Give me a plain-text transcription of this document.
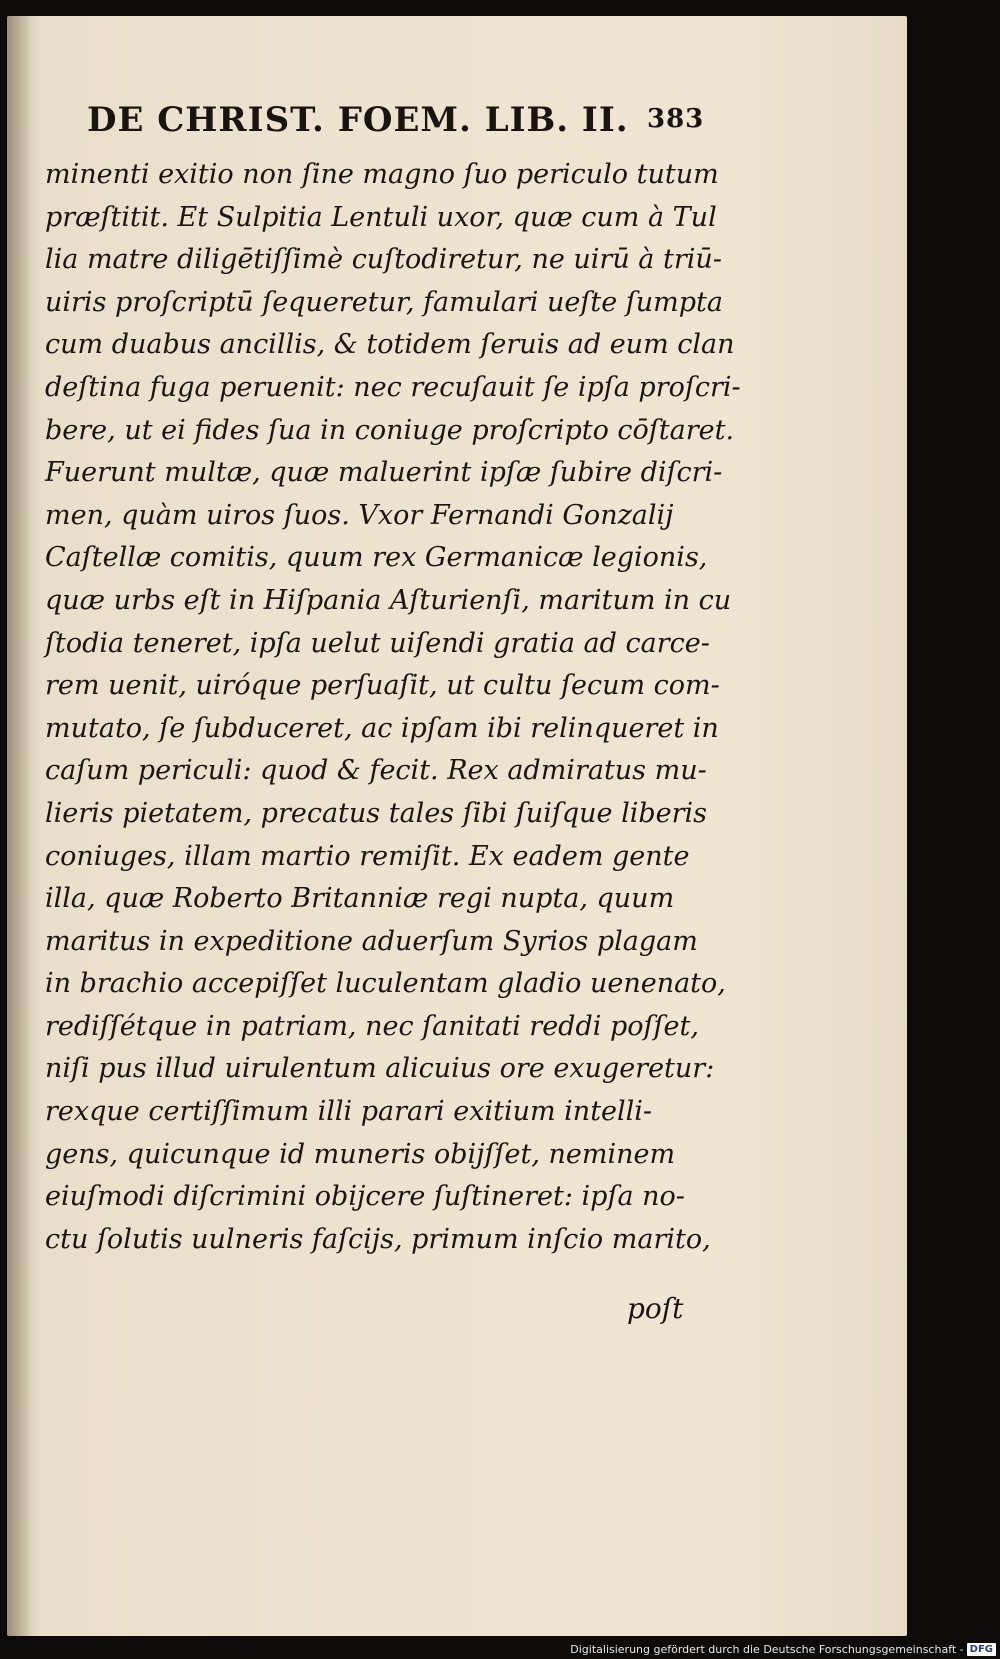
DE CHRIST. FOEM. LIB. II. 383
minenti exitio non ſine magno ſuo periculo tutum
præſtitit. Et Sulpitia Lentuli uxor, quæ cum à Tul
lia matre diligētiſſimè cuſtodiretur, ne uirū à triū-
uiris proſcriptū ſequeretur, famulari ueſte ſumpta
cum duabus ancillis, & totidem ſeruis ad eum clan
deſtina fuga peruenit: nec recuſauit ſe ipſa proſcri-
bere, ut ei fides ſua in coniuge proſcripto cōſtaret.
Fuerunt multæ, quæ maluerint ipſæ ſubire diſcri-
men, quàm uiros ſuos. Vxor Fernandi Gonzalij
Caſtellæ comitis, quum rex Germanicæ legionis,
quæ urbs eſt in Hiſpania Aſturienſi, maritum in cu
ſtodia teneret, ipſa uelut uiſendi gratia ad carce-
rem uenit, uiróque perſuaſit, ut cultu ſecum com-
mutato, ſe ſubduceret, ac ipſam ibi relinqueret in
caſum periculi: quod & fecit. Rex admiratus mu-
lieris pietatem, precatus tales ſibi ſuiſque liberis
coniuges, illam martio remiſit. Ex eadem gente
illa, quæ Roberto Britanniæ regi nupta, quum
maritus in expeditione aduerſum Syrios plagam
in brachio accepiſſet luculentam gladio uenenato,
rediſſétque in patriam, nec ſanitati reddi poſſet,
niſi pus illud uirulentum alicuius ore exugeretur:
rexque certiſſimum illi parari exitium intelli-
gens, quicunque id muneris obijſſet, neminem
eiuſmodi diſcrimini obijcere ſuſtineret: ipſa no-
ctu ſolutis uulneris faſcijs, primum inſcio marito,
poſt
Digitalisierung gefördert durch die Deutsche Forschungsgemeinschaft - DFG
